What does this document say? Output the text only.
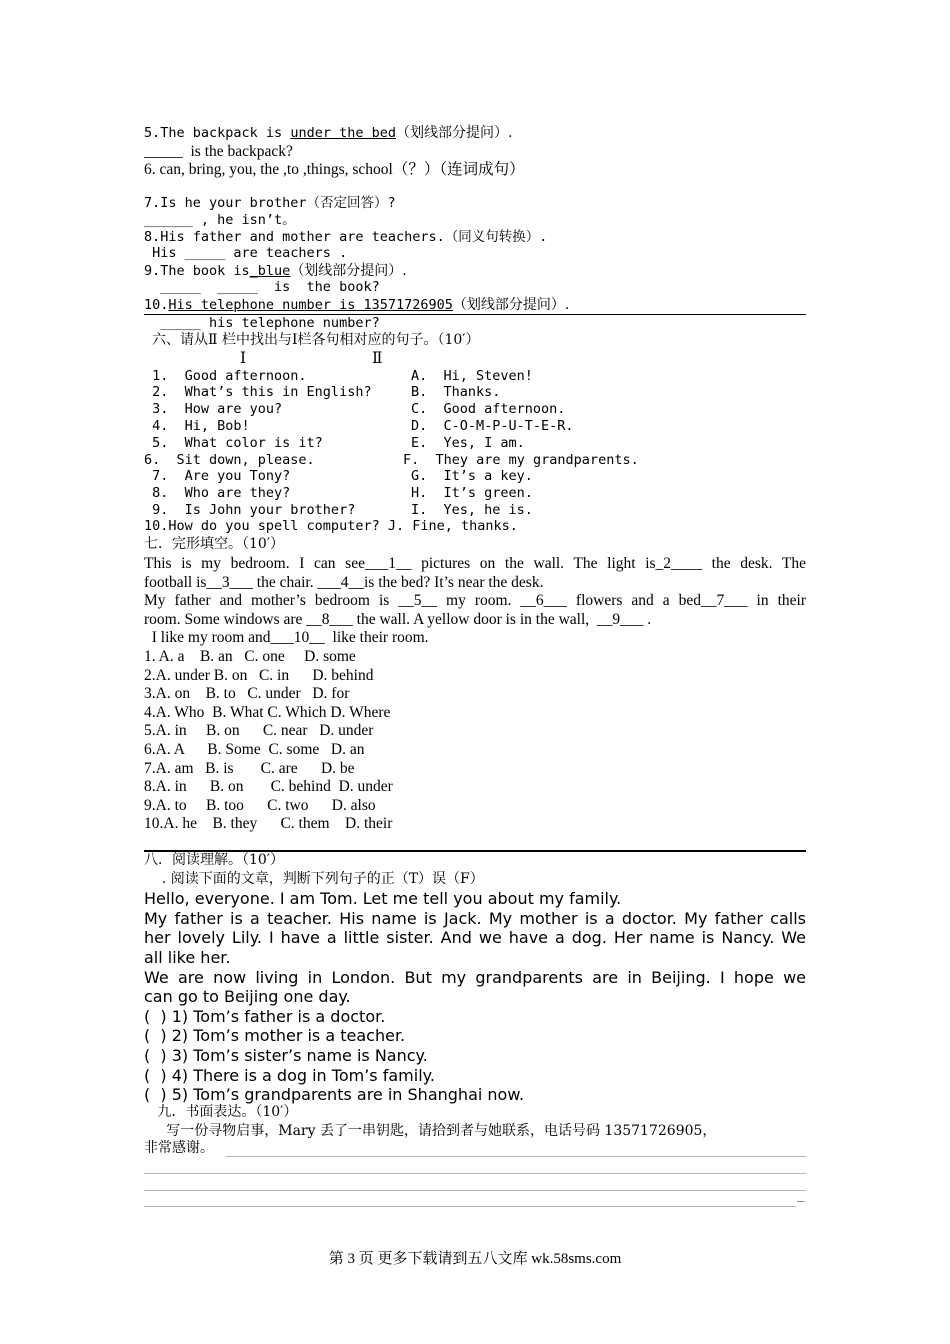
5.The backpack is under the bed（划线部分提问）.
_____  is the backpack?
6. can, bring, you, the ,to ,things, school（？）（连词成句）
7.Is he your brother（否定回答）?
______ , he isn’t。
8.His father and mother are teachers.（同义句转换）.
His _____ are teachers .
9.The book is_blue（划线部分提问）.
_____  _____  is  the book?
10.His telephone number is 13571726905（划线部分提问）.
_____ his telephone number?
六、请从Ⅱ 栏中找出与Ⅰ栏各句相对应的句子。（10′）
Ⅰ	Ⅱ
1.  Good afternoon.	A.  Hi, Steven!
2.  What’s this in English?	B.  Thanks.
3.  How are you?	C.  Good afternoon.
4.  Hi, Bob!	D.  C-O-M-P-U-T-E-R.
5.  What color is it?	E.  Yes, I am.
6.  Sit down, please.	F.  They are my grandparents.
7.  Are you Tony?	G.  It’s a key.
8.  Who are they?	H.  It’s green.
9.  Is John your brother?	I.  Yes, he is.
10.How do you spell computer? J. Fine, thanks.
七．完形填空。（10′）
This is my bedroom. I can see___1__ pictures on the wall. The light is_2____ the desk. The
football is__3___ the chair. ___4__is the bed? It’s near the desk.
My father and mother’s bedroom is __5__ my room. __6___ flowers and a bed__7___ in their
room. Some windows are __8___ the wall. A yellow door is in the wall,  __9___ .
I like my room and___10__  like their room.
1. A. a    B. an   C. one     D. some
2.A. under B. on   C. in      D. behind
3.A. on    B. to   C. under   D. for
4.A. Who  B. What C. Which D. Where
5.A. in     B. on      C. near   D. under
6.A. A      B. Some  C. some   D. an
7.A. am   B. is       C. are      D. be
8.A. in      B. on       C. behind  D. under
9.A. to     B. too      C. two      D. also
10.A. he    B. they      C. them    D. their
八．阅读理解。（10′）
. 阅读下面的文章，判断下列句子的正（T）误（F）
Hello, everyone. I am Tom. Let me tell you about my family.
My father is a teacher. His name is Jack. My mother is a doctor. My father calls
her lovely Lily. I have a little sister. And we have a dog. Her name is Nancy. We
all like her.
We are now living in London. But my grandparents are in Beijing. I hope we
can go to Beijing one day.
(  ) 1) Tom’s father is a doctor.
(  ) 2) Tom’s mother is a teacher.
(  ) 3) Tom’s sister’s name is Nancy.
(  ) 4) There is a dog in Tom’s family.
(  ) 5) Tom’s grandparents are in Shanghai now.
九．书面表达。（10′）
写一份寻物启事，Mary 丢了一串钥匙，请拾到者与她联系，电话号码 13571726905，
非常感谢。
_
第 3 页 更多下载请到五八文库 wk.58sms.com
